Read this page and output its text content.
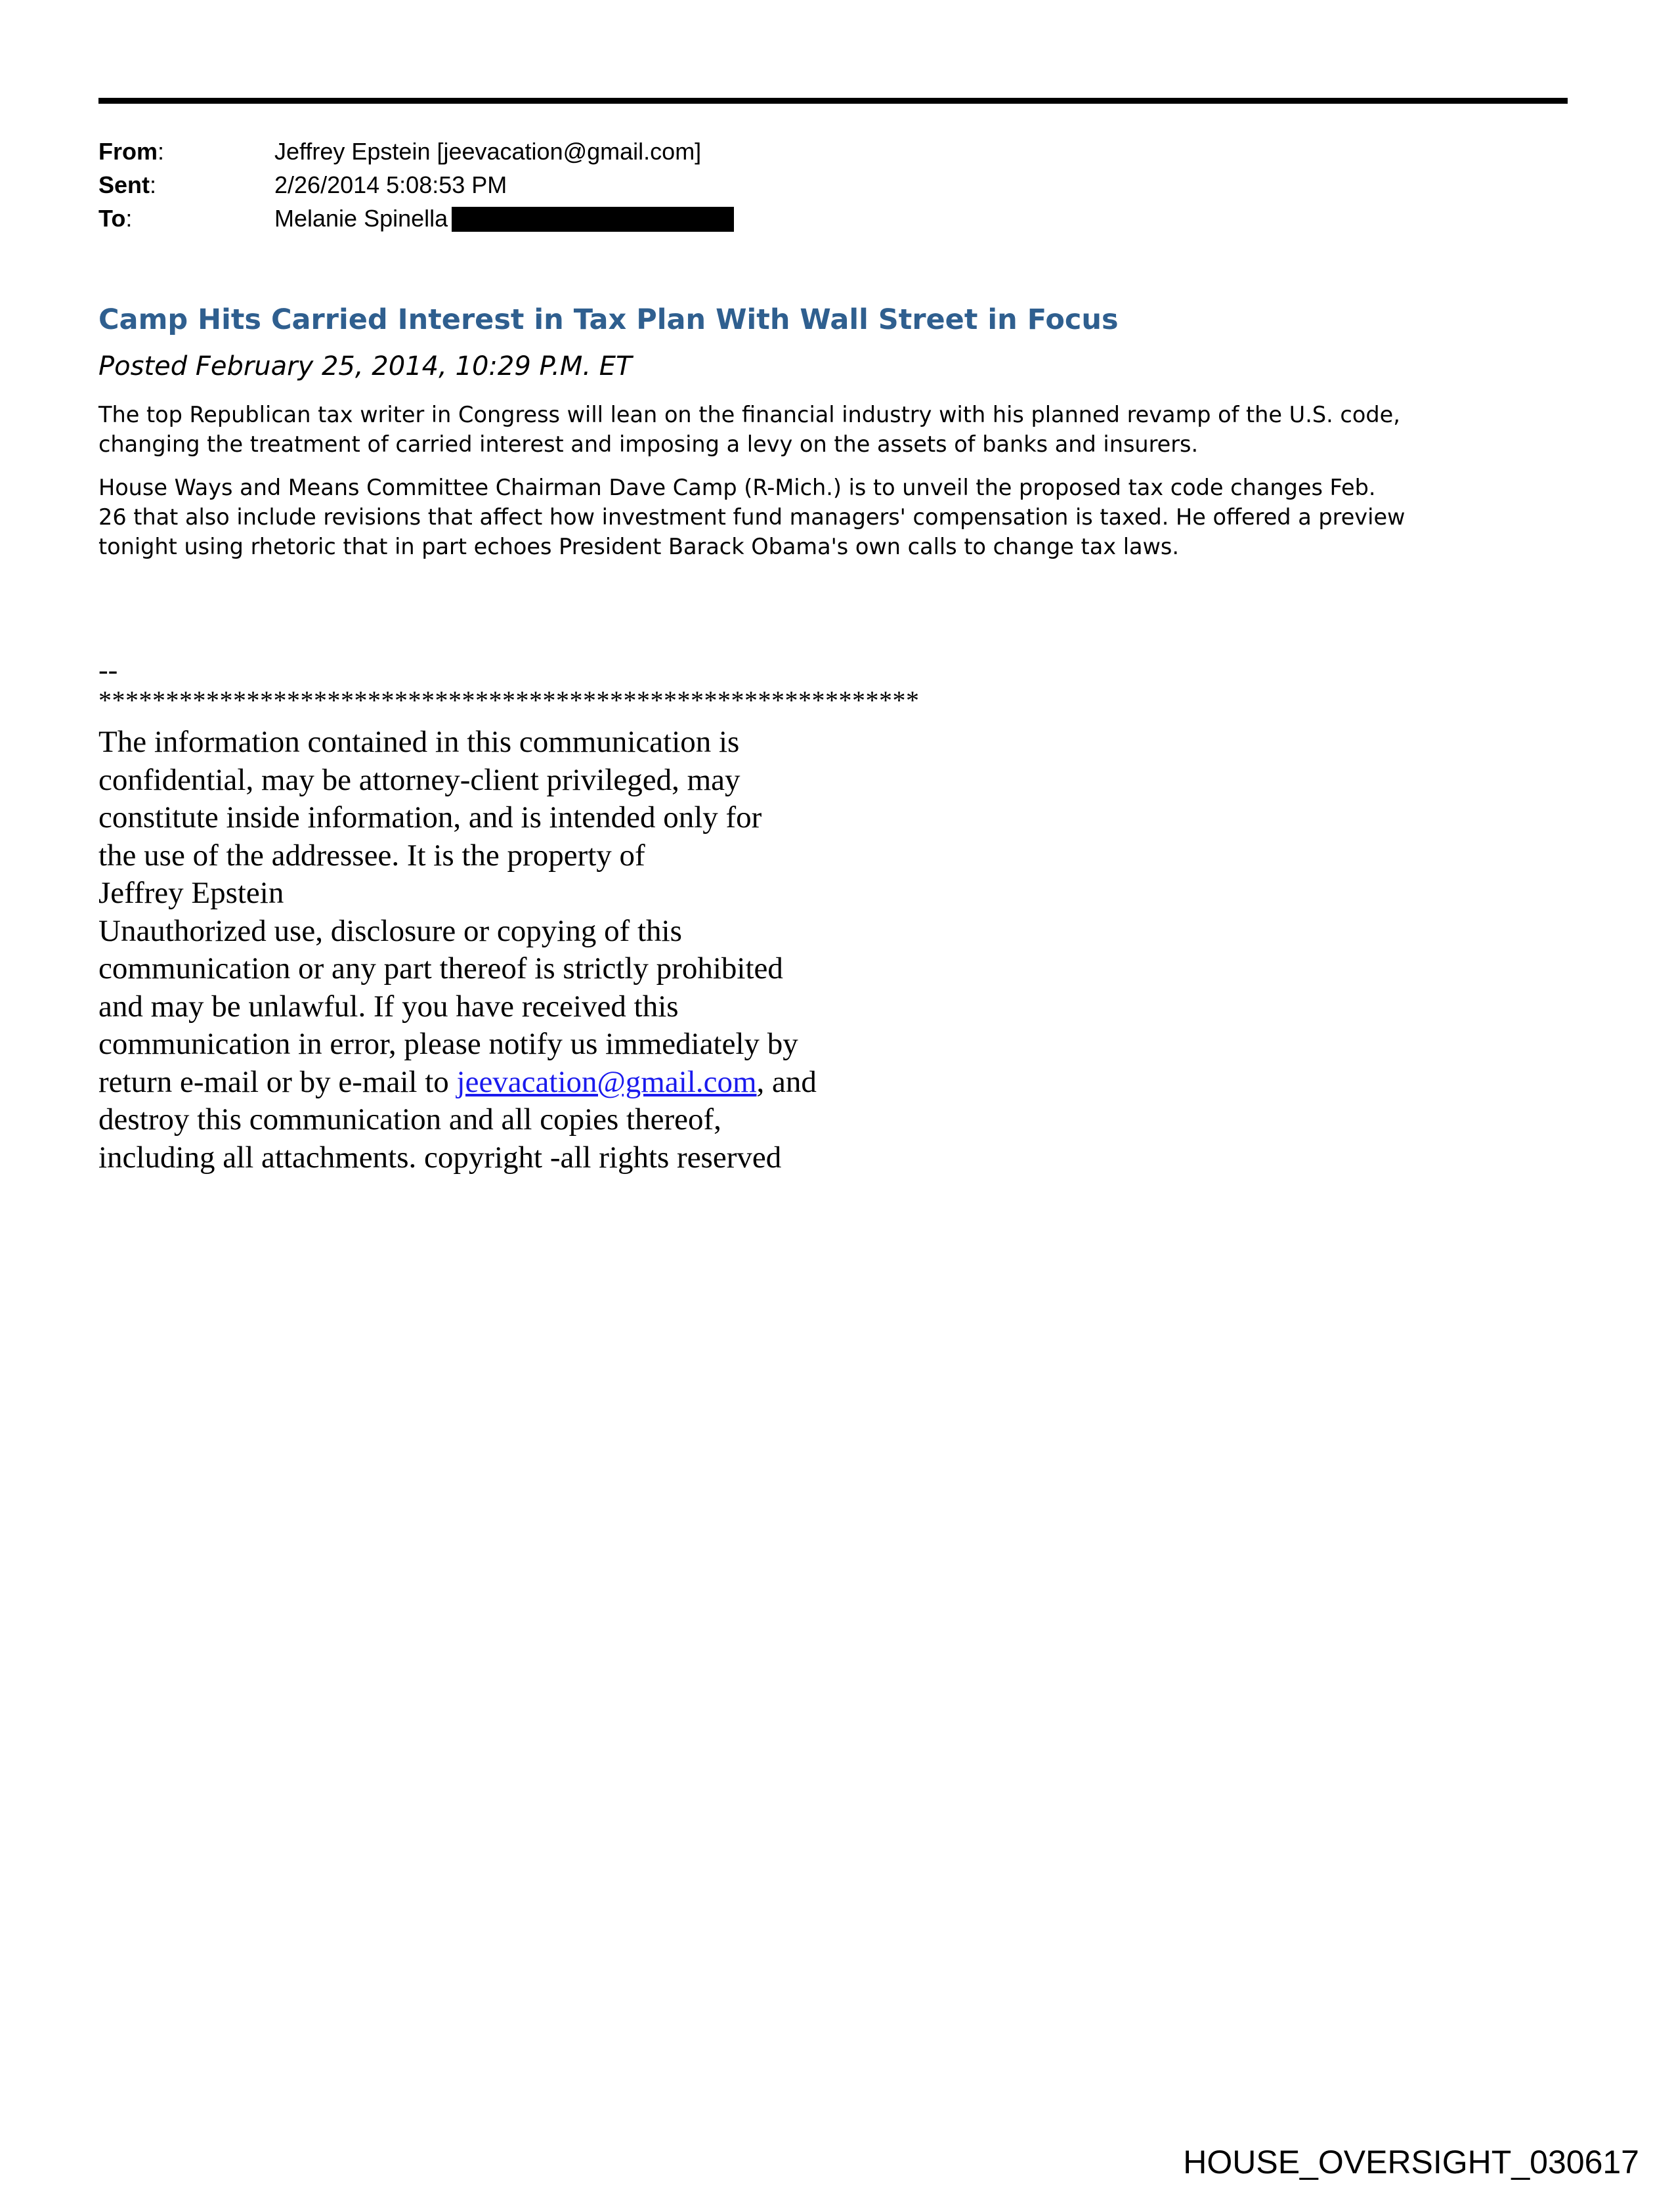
From:	Jeffrey Epstein [jeevacation@gmail.com]
Sent:	2/26/2014 5:08:53 PM
To:	Melanie Spinella
Camp Hits Carried Interest in Tax Plan With Wall Street in Focus
Posted February 25, 2014, 10:29 P.M. ET
The top Republican tax writer in Congress will lean on the financial industry with his planned revamp of the U.S. code,
changing the treatment of carried interest and imposing a levy on the assets of banks and insurers.
House Ways and Means Committee Chairman Dave Camp (R-Mich.) is to unveil the proposed tax code changes Feb.
26 that also include revisions that affect how investment fund managers' compensation is taxed. He offered a preview
tonight using rhetoric that in part echoes President Barack Obama's own calls to change tax laws.
--
*************************************************************
The information contained in this communication is
confidential, may be attorney-client privileged, may
constitute inside information, and is intended only for
the use of the addressee. It is the property of
Jeffrey Epstein
Unauthorized use, disclosure or copying of this
communication or any part thereof is strictly prohibited
and may be unlawful. If you have received this
communication in error, please notify us immediately by
return e-mail or by e-mail to jeevacation@gmail.com, and
destroy this communication and all copies thereof,
including all attachments. copyright -all rights reserved
HOUSE_OVERSIGHT_030617
